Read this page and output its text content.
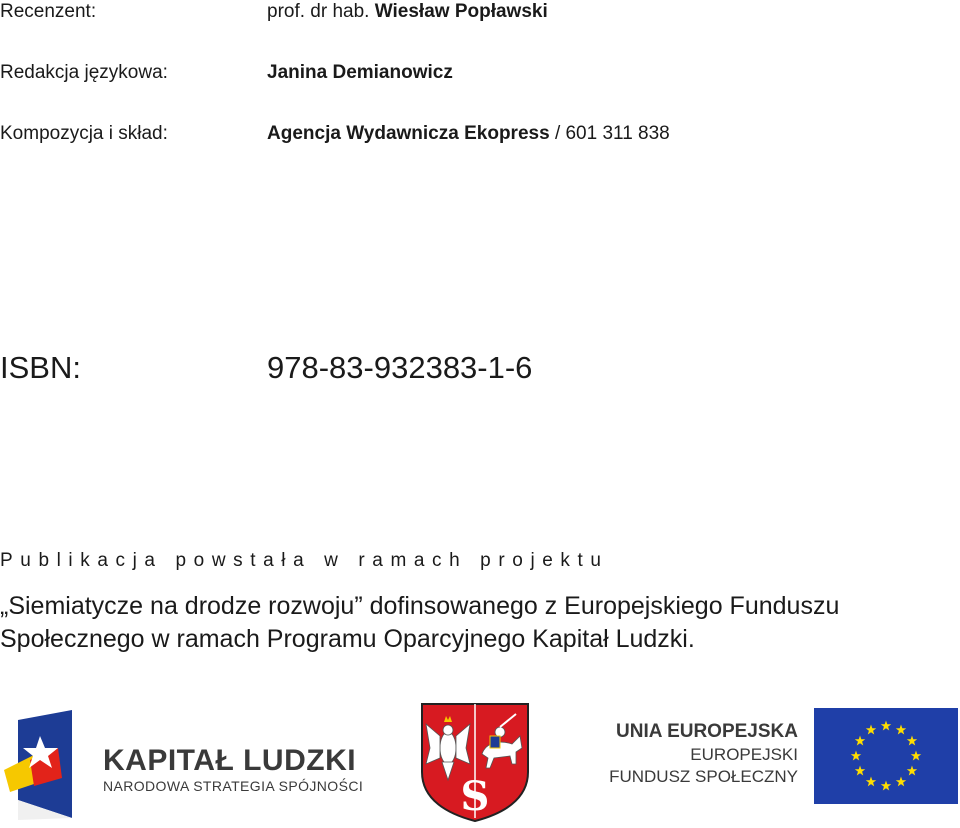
Recenzent:	prof. dr hab. Wiesław Popławski
Redakcja językowa:	Janina Demianowicz
Kompozycja i skład:	Agencja Wydawnicza Ekopress / 601 311 838
ISBN:	978-83-932383-1-6
Publikacja powstała w ramach projektu
„Siemiatycze na drodze rozwoju” dofinsowanego z Europejskiego Funduszu Społecznego w ramach Programu Oparcyjnego Kapitał Ludzki.
KAPITAŁ LUDZKI
NARODOWA STRATEGIA SPÓJNOŚCI S
UNIA EUROPEJSKA
EUROPEJSKI
FUNDUSZ SPOŁECZNY
